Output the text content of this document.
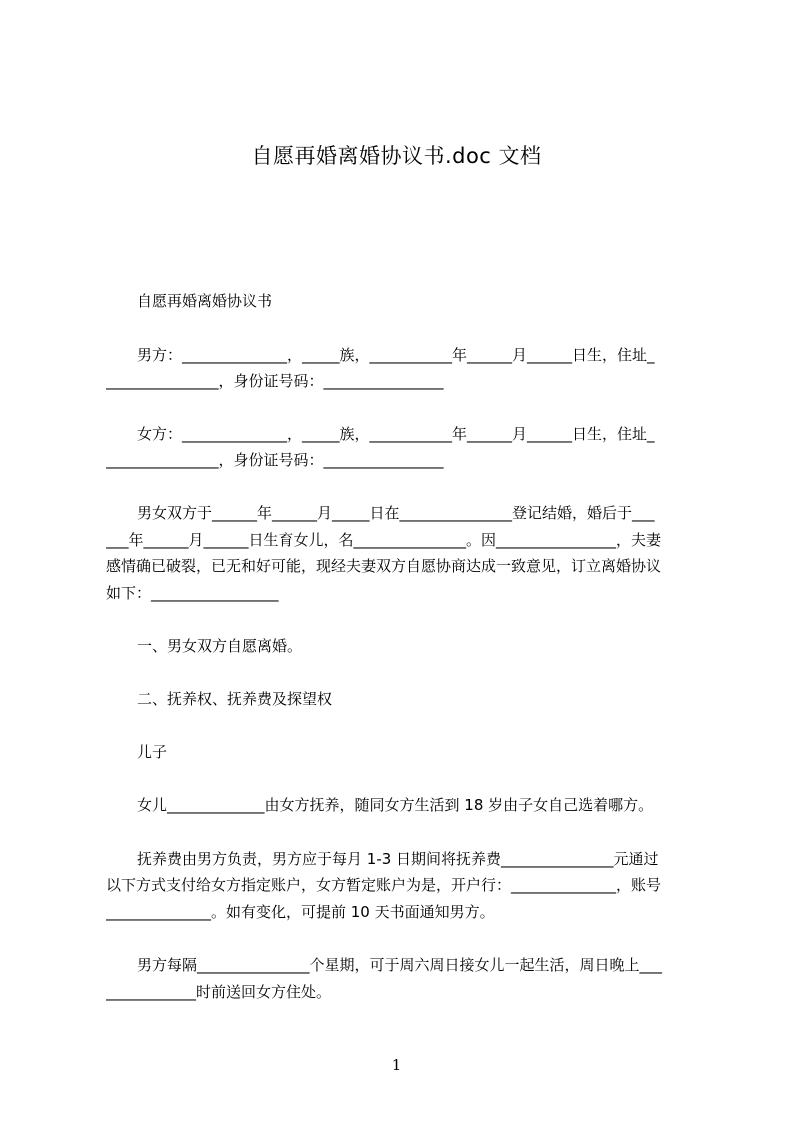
自愿再婚离婚协议书.doc 文档
自愿再婚离婚协议书
男方：______________，_____族，___________年______月______日生，住址_
_______________，身份证号码：________________
女方：______________，_____族，___________年______月______日生，住址_
_______________，身份证号码：________________
男女双方于______年______月_____日在_______________登记结婚，婚后于___
___年______月______日生育女儿，名_______________。因________________，夫妻
感情确已破裂，已无和好可能，现经夫妻双方自愿协商达成一致意见，订立离婚协议
如下：_________________
一、男女双方自愿离婚。
二、抚养权、抚养费及探望权
儿子
女儿_____________由女方抚养，随同女方生活到 18 岁由子女自己选着哪方。
抚养费由男方负责，男方应于每月 1-3 日期间将抚养费_______________元通过
以下方式支付给女方指定账户，女方暂定账户为是，开户行：______________，账号
______________。如有变化，可提前 10 天书面通知男方。
男方每隔_______________个星期，可于周六周日接女儿一起生活，周日晚上___
____________时前送回女方住处。
1
